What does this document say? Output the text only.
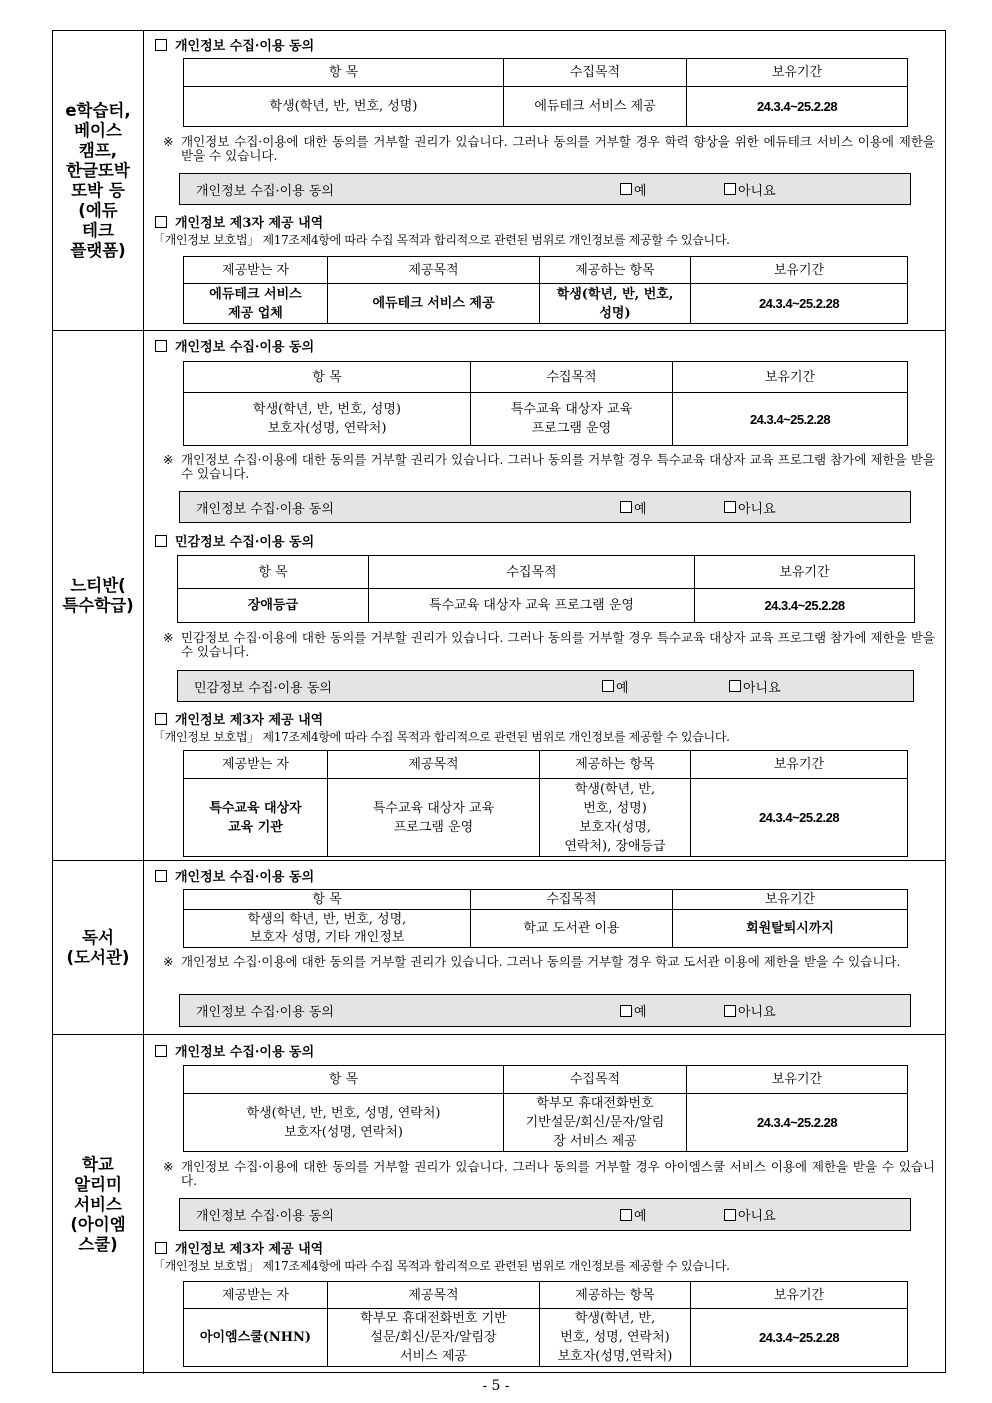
e학습터,
베이스
캠프,
한글또박
또박 등
(에듀
테크
플랫폼)
개인정보 수집·이용 동의
항 목	수집목적	보유기간
학생(학년, 반, 번호, 성명)	에듀테크 서비스 제공	24.3.4~25.2.28
※ 개인정보 수집·이용에 대한 동의를 거부할 권리가 있습니다. 그러나 동의를 거부할 경우 학력 향상을 위한 에듀테크 서비스 이용에 제한을 받을 수 있습니다.
개인정보 수집·이용 동의	예	아니요
개인정보 제3자 제공 내역
「개인정보 보호법」 제17조제4항에 따라 수집 목적과 합리적으로 관련된 범위로 개인정보를 제공할 수 있습니다.
제공받는 자	제공목적	제공하는 항목	보유기간
에듀테크 서비스
제공 업체	에듀테크 서비스 제공	학생(학년, 반, 번호,
성명)	24.3.4~25.2.28
느티반(
특수학급)
개인정보 수집·이용 동의
항 목	수집목적	보유기간
학생(학년, 반, 번호, 성명)
보호자(성명, 연락처)	특수교육 대상자 교육
프로그램 운영	24.3.4~25.2.28
※ 개인정보 수집·이용에 대한 동의를 거부할 권리가 있습니다. 그러나 동의를 거부할 경우 특수교육 대상자 교육 프로그램 참가에 제한을 받을 수 있습니다.
개인정보 수집·이용 동의	예	아니요
민감정보 수집·이용 동의
항 목	수집목적	보유기간
장애등급	특수교육 대상자 교육 프로그램 운영	24.3.4~25.2.28
※ 민감정보 수집·이용에 대한 동의를 거부할 권리가 있습니다. 그러나 동의를 거부할 경우 특수교육 대상자 교육 프로그램 참가에 제한을 받을 수 있습니다.
민감정보 수집·이용 동의	예	아니요
개인정보 제3자 제공 내역
「개인정보 보호법」 제17조제4항에 따라 수집 목적과 합리적으로 관련된 범위로 개인정보를 제공할 수 있습니다.
제공받는 자	제공목적	제공하는 항목	보유기간
특수교육 대상자
교육 기관	특수교육 대상자 교육
프로그램 운영	학생(학년, 반,
번호, 성명)
보호자(성명,
연락처), 장애등급	24.3.4~25.2.28
독서
(도서관)
개인정보 수집·이용 동의
항 목	수집목적	보유기간
학생의 학년, 반, 번호, 성명,
보호자 성명, 기타 개인정보	학교 도서관 이용	회원탈퇴시까지
※ 개인정보 수집·이용에 대한 동의를 거부할 권리가 있습니다. 그러나 동의를 거부할 경우 학교 도서관 이용에 제한을 받을 수 있습니다.
개인정보 수집·이용 동의	예	아니요
학교
알리미
서비스
(아이엠
스쿨)
개인정보 수집·이용 동의
항 목	수집목적	보유기간
학생(학년, 반, 번호, 성명, 연락처)
보호자(성명, 연락처)	학부모 휴대전화번호
기반설문/회신/문자/알림
장 서비스 제공	24.3.4~25.2.28
※ 개인정보 수집·이용에 대한 동의를 거부할 권리가 있습니다. 그러나 동의를 거부할 경우 아이엠스쿨 서비스 이용에 제한을 받을 수 있습니다.
개인정보 수집·이용 동의	예	아니요
개인정보 제3자 제공 내역
「개인정보 보호법」 제17조제4항에 따라 수집 목적과 합리적으로 관련된 범위로 개인정보를 제공할 수 있습니다.
제공받는 자	제공목적	제공하는 항목	보유기간
아이엠스쿨(NHN)	학부모 휴대전화번호 기반
설문/회신/문자/알림장
서비스 제공	학생(학년, 반,
번호, 성명, 연락처)
보호자(성명,연락처)	24.3.4~25.2.28
- 5 -
